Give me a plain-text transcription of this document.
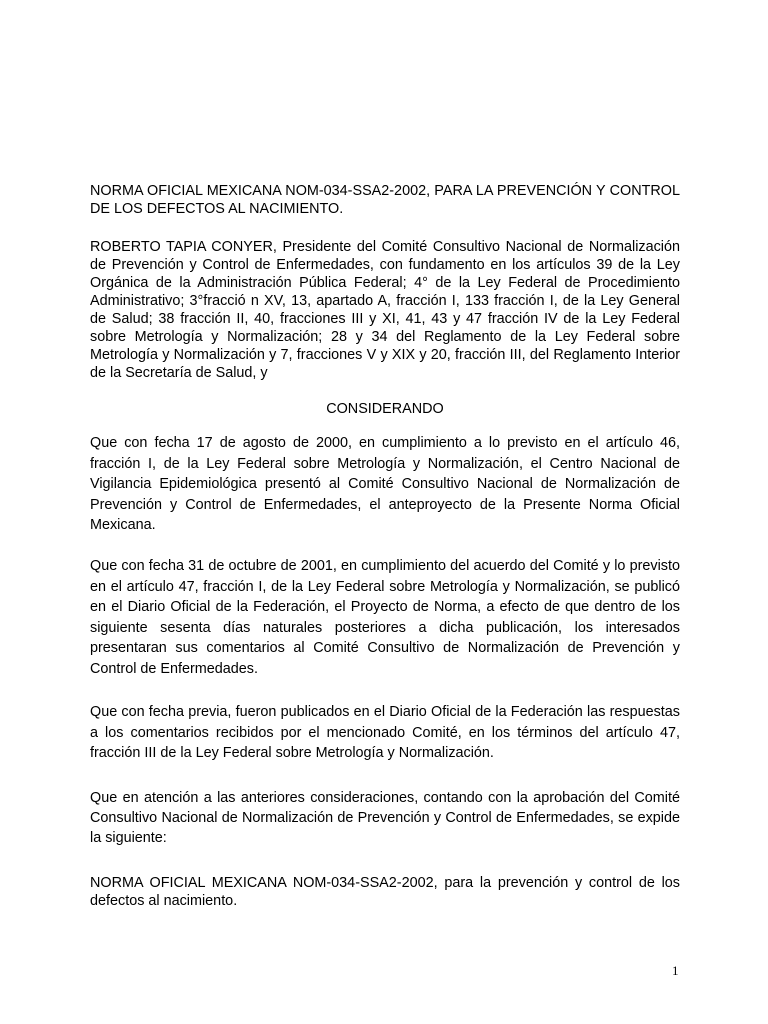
NORMA OFICIAL MEXICANA NOM-034-SSA2-2002, PARA LA PREVENCIÓN Y CONTROL DE LOS DEFECTOS AL NACIMIENTO.

ROBERTO TAPIA CONYER, Presidente del Comité Consultivo Nacional de Normalización de Prevención y Control de Enfermedades, con fundamento en los artículos 39 de la Ley Orgánica de la Administración Pública Federal; 4° de la Ley Federal de Procedimiento Administrativo; 3°fracció n XV, 13, apartado A, fracción I, 133 fracción I, de la Ley General de Salud; 38 fracción II, 40, fracciones III y XI, 41, 43 y 47 fracción IV de la Ley Federal sobre Metrología y Normalización; 28 y 34 del Reglamento de la Ley Federal sobre Metrología y Normalización y 7, fracciones V y XIX y 20, fracción III, del Reglamento Interior de la Secretaría de Salud, y

CONSIDERANDO

Que con fecha 17 de agosto de 2000, en cumplimiento a lo previsto en el artículo 46, fracción I, de la Ley Federal sobre Metrología y Normalización, el Centro Nacional de Vigilancia Epidemiológica presentó al Comité Consultivo Nacional de Normalización de Prevención y Control de Enfermedades, el anteproyecto de la Presente Norma Oficial Mexicana.

Que con fecha 31 de octubre de 2001, en cumplimiento del acuerdo del Comité y lo previsto en el artículo 47, fracción I, de la Ley Federal sobre Metrología y Normalización, se publicó en el Diario Oficial de la Federación, el Proyecto de Norma, a efecto de que dentro de los siguiente sesenta días naturales posteriores a dicha publicación, los interesados presentaran sus comentarios al Comité Consultivo de Normalización de Prevención y Control de Enfermedades.

Que con fecha previa, fueron publicados en el Diario Oficial de la Federación las respuestas a los comentarios recibidos por el mencionado Comité, en los términos del artículo 47, fracción III de la Ley Federal sobre Metrología y Normalización.

Que en atención a las anteriores consideraciones, contando con la aprobación del Comité Consultivo Nacional de Normalización de Prevención y Control de Enfermedades, se expide la siguiente:

NORMA OFICIAL MEXICANA NOM-034-SSA2-2002, para la prevención y control de los defectos al nacimiento.

1
